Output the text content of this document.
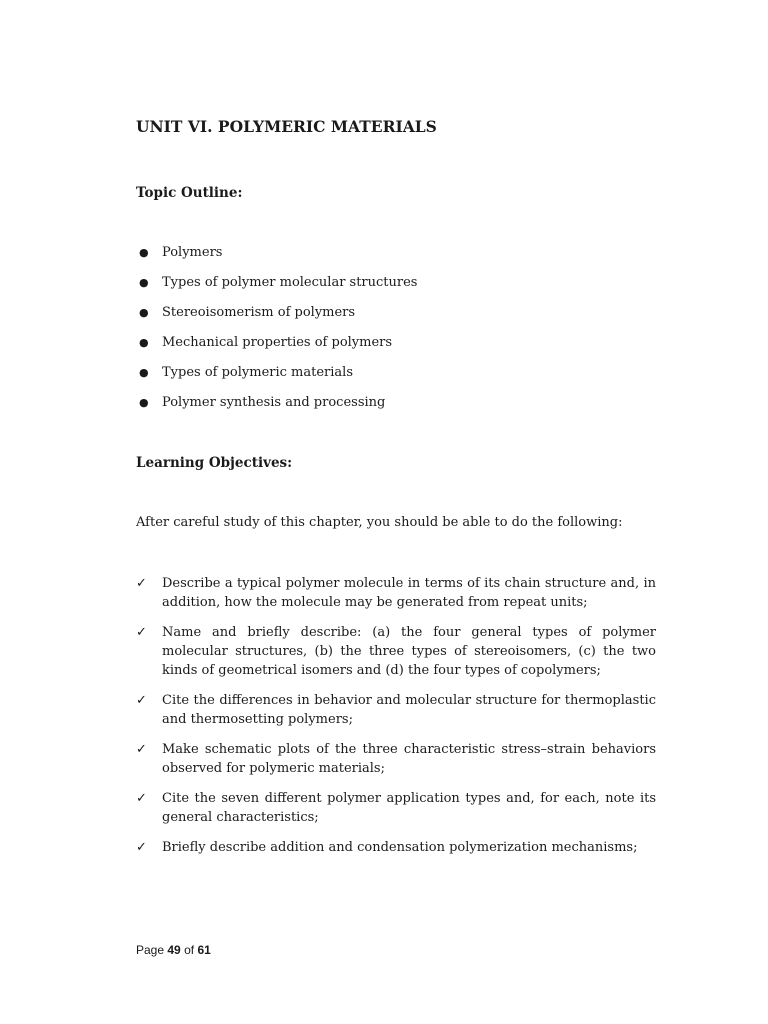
UNIT VI. POLYMERIC MATERIALS
Topic Outline:
● Polymers
● Types of polymer molecular structures
● Stereoisomerism of polymers
● Mechanical properties of polymers
● Types of polymeric materials
● Polymer synthesis and processing
Learning Objectives:
After careful study of this chapter, you should be able to do the following:
✓ Describe a typical polymer molecule in terms of its chain structure and, in addition, how the molecule may be generated from repeat units;
✓ Name and briefly describe: (a) the four general types of polymer molecular structures, (b) the three types of stereoisomers, (c) the two kinds of geometrical isomers and (d) the four types of copolymers;
✓ Cite the differences in behavior and molecular structure for thermoplastic and thermosetting polymers;
✓ Make schematic plots of the three characteristic stress–strain behaviors observed for polymeric materials;
✓ Cite the seven different polymer application types and, for each, note its general characteristics;
✓ Briefly describe addition and condensation polymerization mechanisms;
Page 49 of 61
